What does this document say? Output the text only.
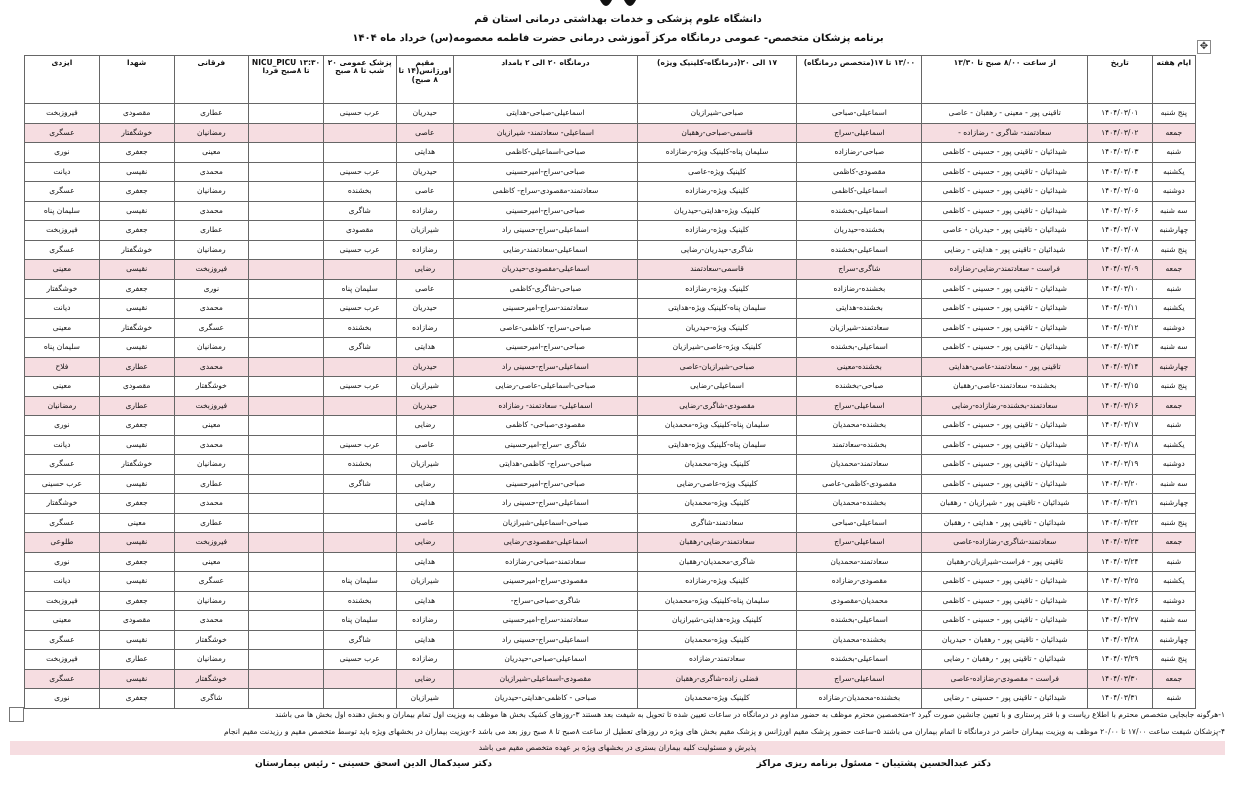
دانشگاه علوم پزشکی و خدمات بهداشتی درمانی استان قم
برنامه پزشکان متخصص- عمومی درمانگاه مرکز آموزشی درمانی حضرت فاطمه معصومه(س) خرداد ماه ۱۴۰۴
✥
ایام هفته	تاریخ	از ساعت ۸/۰۰ صبح تا ۱۳/۳۰	۱۳/۰۰ تا ۱۷(متخصص درمانگاه)	۱۷ الی ۲۰(درمانگاه-کلینیک ویژه)	درمانگاه ۲۰ الی ۲ بامداد	مقیم اورژانس(۱۴ تا ۸ صبح)	پزشک عمومی ۲۰ شب تا ۸ صبح	NICU_PICU ۱۳:۳۰ تا ۸صبح فردا	فرقانی	شهدا	ایزدی
پنج شنبه	۱۴۰۴/۰۳/۰۱	تاقینی پور - معینی - رهقبان - عاصی	اسماعیلی-صباحی	صباحی-شیرازیان	اسماعیلی-صباحی-هدایتی	حیدریان	عرب حسینی		عطاری	مقصودی	فیروزبخت
جمعه	۱۴۰۴/۰۳/۰۲	سعادتمند- شاگری - رضازاده -	اسماعیلی-سراج	قاسمی-صباحی-رهقبان	اسماعیلی- سعادتمند- شیرازیان	عاصی			رمضانیان	خوشگفتار	عسگری
شنبه	۱۴۰۴/۰۳/۰۳	شیدائیان - تاقینی پور - حسینی - کاظمی	صباحی-رضازاده	سلیمان پناه-کلینیک ویژه-رضازاده	صباحی-اسماعیلی-کاظمی	هدایتی			معینی	جعفری	نوری
یکشنبه	۱۴۰۴/۰۳/۰۴	شیدائیان - تاقینی پور - حسینی - کاظمی	مقصودی-کاظمی	کلینیک ویژه-عاصی	صباحی-سراج-امیرحسینی	حیدریان	عرب حسینی		محمدی	نقیسی	دیانت
دوشنبه	۱۴۰۴/۰۳/۰۵	شیدائیان - تاقینی پور - حسینی - کاظمی	اسماعیلی-کاظمی	کلینیک ویژه-رضازاده	سعادتمند-مقصودی-سراج- کاظمی	عاصی	بخشنده		رمضانیان	جعفری	عسگری
سه شنبه	۱۴۰۴/۰۳/۰۶	شیدائیان - تاقینی پور - حسینی - کاظمی	اسماعیلی-بخشنده	کلینیک ویژه-هدایتی-حیدریان	صباحی-سراج-امیرحسینی	رضازاده	شاگری		محمدی	نقیسی	سلیمان پناه
چهارشنبه	۱۴۰۴/۰۳/۰۷	شیدائیان - تاقینی پور - حیدریان - عاصی	بخشنده-حیدریان	کلینیک ویژه-رضازاده	اسماعیلی-سراج-حسینی راد	شیرازیان	مقصودی		عطاری	جعفری	فیروزبخت
پنج شنبه	۱۴۰۴/۰۳/۰۸	شیدائیان - تاقینی پور - هدایتی - رضایی	اسماعیلی-بخشنده	شاگری-حیدریان-رضایی	اسماعیلی-سعادتمند-رضایی	رضازاده	عرب حسینی		رمضانیان	خوشگفتار	عسگری
جمعه	۱۴۰۴/۰۳/۰۹	فراست - سعادتمند-رضایی-رضازاده	شاگری-سراج	قاسمی-سعادتمند	اسماعیلی-مقصودی-حیدریان	رضایی			فیروزبخت	نقیسی	معینی
شنبه	۱۴۰۴/۰۳/۱۰	شیدائیان - تاقینی پور - حسینی - کاظمی	بخشنده-رضازاده	کلینیک ویژه-رضازاده	صباحی-شاگری-کاظمی	عاصی	سلیمان پناه		نوری	جعفری	خوشگفتار
یکشنبه	۱۴۰۴/۰۳/۱۱	شیدائیان - تاقینی پور - حسینی - کاظمی	بخشنده-هدایتی	سلیمان پناه-کلینیک ویژه-هدایتی	سعادتمند-سراج-امیرحسینی	حیدریان	عرب حسینی		محمدی	نقیسی	دیانت
دوشنبه	۱۴۰۴/۰۳/۱۲	شیدائیان - تاقینی پور - حسینی - کاظمی	سعادتمند-شیرازیان	کلینیک ویژه-حیدریان	صباحی-سراج- کاظمی-عاصی	رضازاده	بخشنده		عسگری	خوشگفتار	معینی
سه شنبه	۱۴۰۴/۰۳/۱۳	شیدائیان - تاقینی پور - حسینی - کاظمی	اسماعیلی-بخشنده	کلینیک ویژه-عاصی-شیرازیان	صباحی-سراج-امیرحسینی	هدایتی	شاگری		رمضانیان	نقیسی	سلیمان پناه
چهارشنبه	۱۴۰۴/۰۳/۱۴	تاقینی پور - سعادتمند-عاصی-هدایتی	بخشنده-معینی	صباحی-شیرازیان-عاصی	اسماعیلی-سراج-حسینی راد	حیدریان			محمدی	عطاری	فلاح
پنج شنبه	۱۴۰۴/۰۳/۱۵	بخشنده- سعادتمند-عاصی-رهقبان	صباحی-بخشنده	اسماعیلی-رضایی	صباحی-اسماعیلی-عاصی-رضایی	شیرازیان	عرب حسینی		خوشگفتار	مقصودی	معینی
جمعه	۱۴۰۴/۰۳/۱۶	سعادتمند-بخشنده-رضازاده-رضایی	اسماعیلی-سراج	مقصودی-شاگری-رضایی	اسماعیلی- سعادتمند- رضازاده	حیدریان			فیروزبخت	عطاری	رمضانیان
شنبه	۱۴۰۴/۰۳/۱۷	شیدائیان - تاقینی پور - حسینی - کاظمی	بخشنده-محمدیان	سلیمان پناه-کلینیک ویژه-محمدیان	مقصودی-صباحی- کاظمی	رضایی			معینی	جعفری	نوری
یکشنبه	۱۴۰۴/۰۳/۱۸	شیدائیان - تاقینی پور - حسینی - کاظمی	بخشنده-سعادتمند	سلیمان پناه-کلینیک ویژه-هدایتی	شاگری -سراج-امیرحسینی	عاصی	عرب حسینی		محمدی	نقیسی	دیانت
دوشنبه	۱۴۰۴/۰۳/۱۹	شیدائیان - تاقینی پور - حسینی - کاظمی	سعادتمند-محمدیان	کلینیک ویژه-محمدیان	صباحی-سراج- کاظمی-هدایتی	شیرازیان	بخشنده		رمضانیان	خوشگفتار	عسگری
سه شنبه	۱۴۰۴/۰۳/۲۰	شیدائیان - تاقینی پور - حسینی - کاظمی	مقصودی-کاظمی-عاصی	کلینیک ویژه-عاصی-رضایی	صباحی-سراج-امیرحسینی	رضایی	شاگری		عطاری	نقیسی	عرب حسینی
چهارشنبه	۱۴۰۴/۰۳/۲۱	شیدائیان - تاقینی پور - شیرازیان - رهقبان	بخشنده-محمدیان	کلینیک ویژه-محمدیان	اسماعیلی-سراج-حسینی راد	هدایتی			محمدی	جعفری	خوشگفتار
پنج شنبه	۱۴۰۴/۰۳/۲۲	شیدائیان - تاقینی پور - هدایتی - رهقبان	اسماعیلی-صباحی	سعادتمند-شاگری	صباحی-اسماعیلی-شیرازیان	عاصی			عطاری	معینی	عسگری
جمعه	۱۴۰۴/۰۳/۲۳	سعادتمند-شاگری-رضازاده-عاصی	اسماعیلی-سراج	سعادتمند-رضایی-رهقبان	اسماعیلی-مقصودی-رضایی	رضایی			فیروزبخت	نقیسی	طلوعی
شنبه	۱۴۰۴/۰۳/۲۴	تاقینی پور - فراست-شیرازیان-رهقبان	سعادتمند-محمدیان	شاگری-محمدیان-رهقبان	سعادتمند-صباحی-رضازاده	هدایتی			معینی	جعفری	نوری
یکشنبه	۱۴۰۴/۰۳/۲۵	شیدائیان - تاقینی پور - حسینی - کاظمی	مقصودی-رضازاده	کلینیک ویژه-رضازاده	مقصودی-سراج-امیرحسینی	شیرازیان	سلیمان پناه		عسگری	نقیسی	دیانت
دوشنبه	۱۴۰۴/۰۳/۲۶	شیدائیان - تاقینی پور - حسینی - کاظمی	محمدیان-مقصودی	سلیمان پناه-کلینیک ویژه-محمدیان	شاگری-صباحی-سراج-	هدایتی	بخشنده		رمضانیان	جعفری	فیروزبخت
سه شنبه	۱۴۰۴/۰۳/۲۷	شیدائیان - تاقینی پور - حسینی - کاظمی	اسماعیلی-بخشنده	کلینیک ویژه-هدایتی-شیرازیان	سعادتمند-سراج-امیرحسینی	رضازاده	سلیمان پناه		محمدی	مقصودی	معینی
چهارشنبه	۱۴۰۴/۰۳/۲۸	شیدائیان - تاقینی پور - رهقبان - حیدریان	بخشنده-محمدیان	کلینیک ویژه-محمدیان	اسماعیلی-سراج-حسینی راد	هدایتی	شاگری		خوشگفتار	نقیسی	عسگری
پنج شنبه	۱۴۰۴/۰۳/۲۹	شیدائیان - تاقینی پور - رهقبان - رضایی	اسماعیلی-بخشنده	سعادتمند-رضازاده	اسماعیلی-صباحی-حیدریان	رضازاده	عرب حسینی		رمضانیان	عطاری	فیروزبخت
جمعه	۱۴۰۴/۰۳/۳۰	فراست - مقصودی-رضازاده-عاصی	اسماعیلی-سراج	فضلی زاده-شاگری-رهقبان	مقصودی-اسماعیلی-شیرازیان	رضایی			خوشگفتار	نقیسی	عسگری
شنبه	۱۴۰۴/۰۳/۳۱	شیدائیان - تاقینی پور - حسینی - رضایی	بخشنده-محمدیان-رضازاده	کلینیک ویژه-محمدیان	صباحی - کاظمی-هدایتی-حیدریان	شیرازیان			شاگری	جعفری	نوری
۱-هرگونه جابجایی متخصص محترم با اطلاع ریاست و با فتر پرستاری و با تعیین جانشین صورت گیرد ۲-متخصصین محترم موظف به حضور مداوم در درمانگاه در ساعات تعیین شده تا تحویل به شیفت بعد هستند ۳-روزهای کشیک بخش ها موظف به ویزیت اول تمام بیماران و بخش دهنده اول بخش ها می باشند
۴-پزشکان شیفت ساعت ۱۷/۰۰ تا ۲۰/۰۰ موظف به ویزیت بیماران حاضر در درمانگاه تا اتمام بیماران می باشند ۵-ساعت حضور پزشک مقیم اورژانس و پزشک مقیم بخش های ویژه در روزهای تعطیل از ساعت ۸صبح تا ۸ صبح روز بعد می باشد ۶-ویزیت بیماران در بخشهای ویژه باید توسط متخصص مقیم و رزیدنت مقیم انجام
پذیرش و مسئولیت کلیه بیماران بستری در بخشهای ویژه بر عهده متخصص مقیم می باشد
دکتر عبدالحسین پشتیبان - مسئول برنامه ریزی مراکز
دکتر سیدکمال الدین اسحق حسینی - رئیس بیمارستان
